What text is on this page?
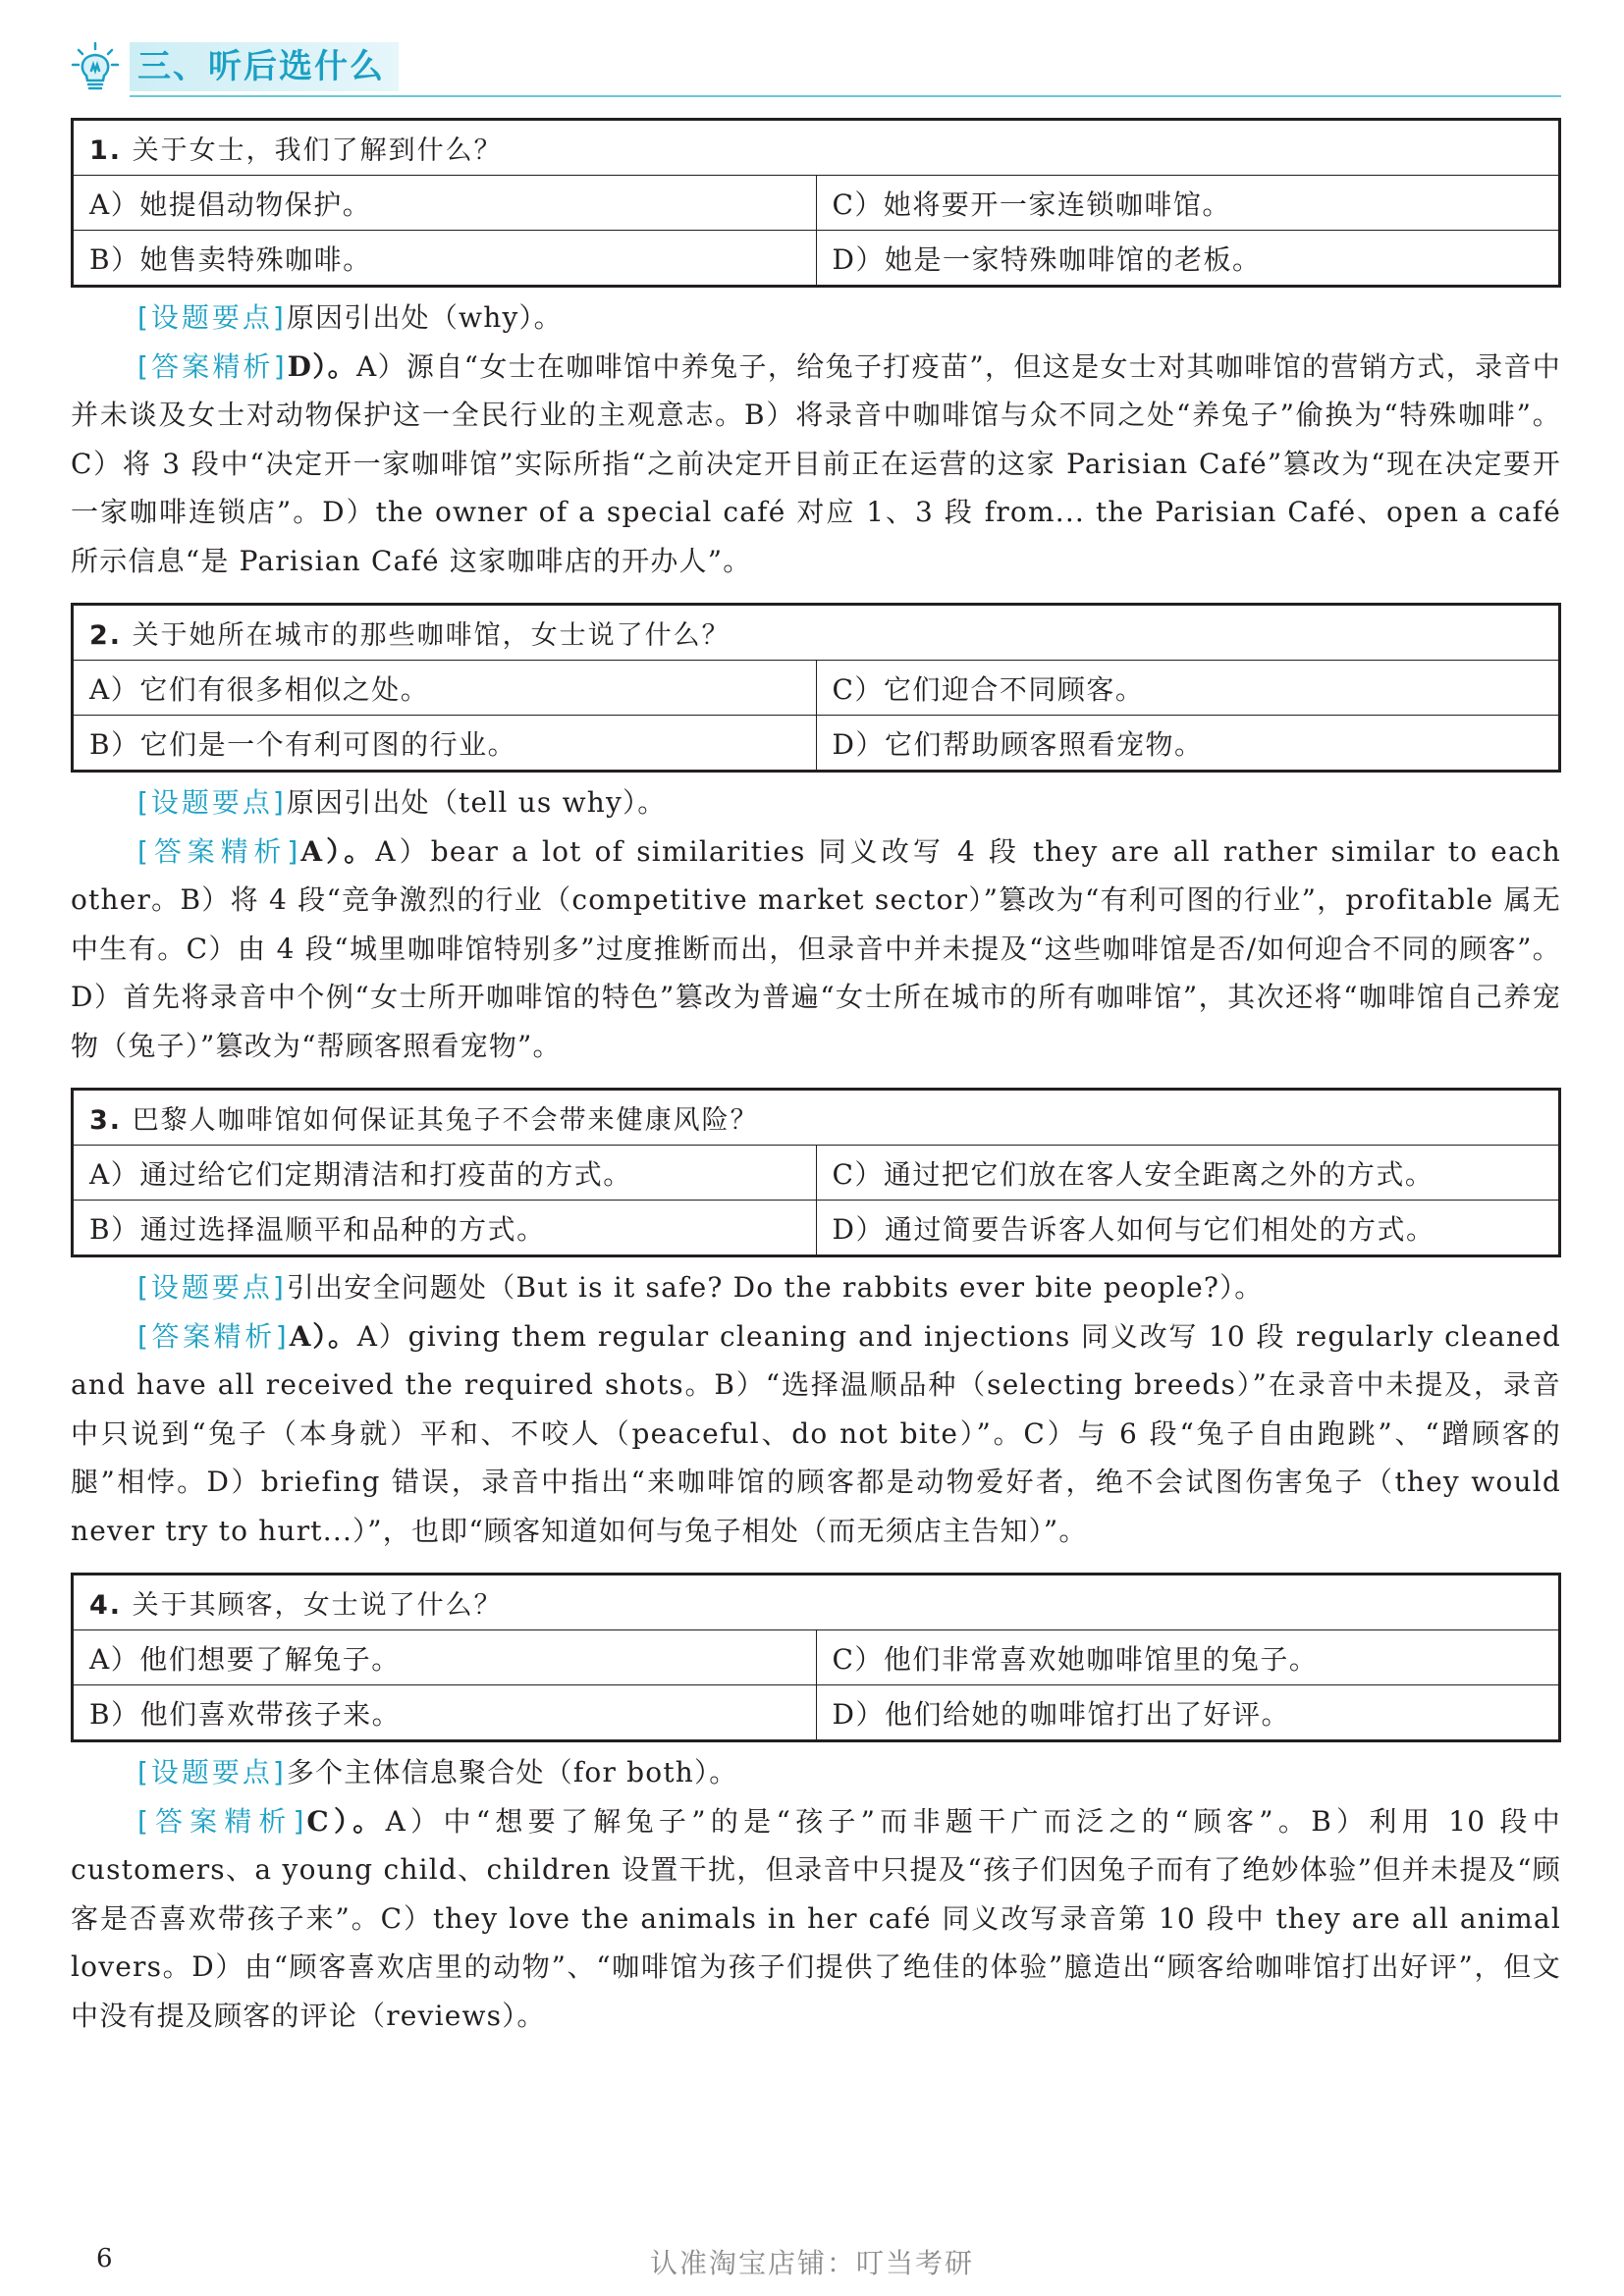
三、听后选什么
1. 关于女士，我们了解到什么？	
A）她提倡动物保护。	C）她将要开一家连锁咖啡馆。
B）她售卖特殊咖啡。	D）她是一家特殊咖啡馆的老板。

[设题要点]原因引出处（why）。

[答案精析]D）。A）源自“女士在咖啡馆中养兔子，给兔子打疫苗”，但这是女士对其咖啡馆的营销方式，录音中并未谈及女士对动物保护这一全民行业的主观意志。B）将录音中咖啡馆与众不同之处“养兔子”偷换为“特殊咖啡”。C）将 3 段中“决定开一家咖啡馆”实际所指“之前决定开目前正在运营的这家 Parisian Café”篡改为“现在决定要开一家咖啡连锁店”。D）the owner of a special café 对应 1、3 段 from... the Parisian Café、open a café 所示信息“是 Parisian Café 这家咖啡店的开办人”。

2. 关于她所在城市的那些咖啡馆，女士说了什么？	
A）它们有很多相似之处。	C）它们迎合不同顾客。
B）它们是一个有利可图的行业。	D）它们帮助顾客照看宠物。

[设题要点]原因引出处（tell us why）。

[答案精析]A）。A）bear a lot of similarities 同义改写 4 段 they are all rather similar to each other。B）将 4 段“竞争激烈的行业（competitive market sector）”篡改为“有利可图的行业”，profitable 属无中生有。C）由 4 段“城里咖啡馆特别多”过度推断而出，但录音中并未提及“这些咖啡馆是否/如何迎合不同的顾客”。D）首先将录音中个例“女士所开咖啡馆的特色”篡改为普遍“女士所在城市的所有咖啡馆”，其次还将“咖啡馆自己养宠物（兔子）”篡改为“帮顾客照看宠物”。

3. 巴黎人咖啡馆如何保证其兔子不会带来健康风险？	
A）通过给它们定期清洁和打疫苗的方式。	C）通过把它们放在客人安全距离之外的方式。
B）通过选择温顺平和品种的方式。	D）通过简要告诉客人如何与它们相处的方式。

[设题要点]引出安全问题处（But is it safe? Do the rabbits ever bite people?）。

[答案精析]A）。A）giving them regular cleaning and injections 同义改写 10 段 regularly cleaned and have all received the required shots。B）“选择温顺品种（selecting breeds）”在录音中未提及，录音中只说到“兔子（本身就）平和、不咬人（peaceful、do not bite）”。C）与 6 段“兔子自由跑跳”、“蹭顾客的腿”相悖。D）briefing 错误，录音中指出“来咖啡馆的顾客都是动物爱好者，绝不会试图伤害兔子（they would never try to hurt...）”，也即“顾客知道如何与兔子相处（而无须店主告知）”。

4. 关于其顾客，女士说了什么？	
A）他们想要了解兔子。	C）他们非常喜欢她咖啡馆里的兔子。
B）他们喜欢带孩子来。	D）他们给她的咖啡馆打出了好评。

[设题要点]多个主体信息聚合处（for both）。

[答案精析]C）。A）中“想要了解兔子”的是“孩子”而非题干广而泛之的“顾客”。B）利用 10 段中 customers、a young child、children 设置干扰，但录音中只提及“孩子们因兔子而有了绝妙体验”但并未提及“顾客是否喜欢带孩子来”。C）they love the animals in her café 同义改写录音第 10 段中 they are all animal lovers。D）由“顾客喜欢店里的动物”、“咖啡馆为孩子们提供了绝佳的体验”臆造出“顾客给咖啡馆打出好评”，但文中没有提及顾客的评论（reviews）。

6	认准淘宝店铺：叮当考研
